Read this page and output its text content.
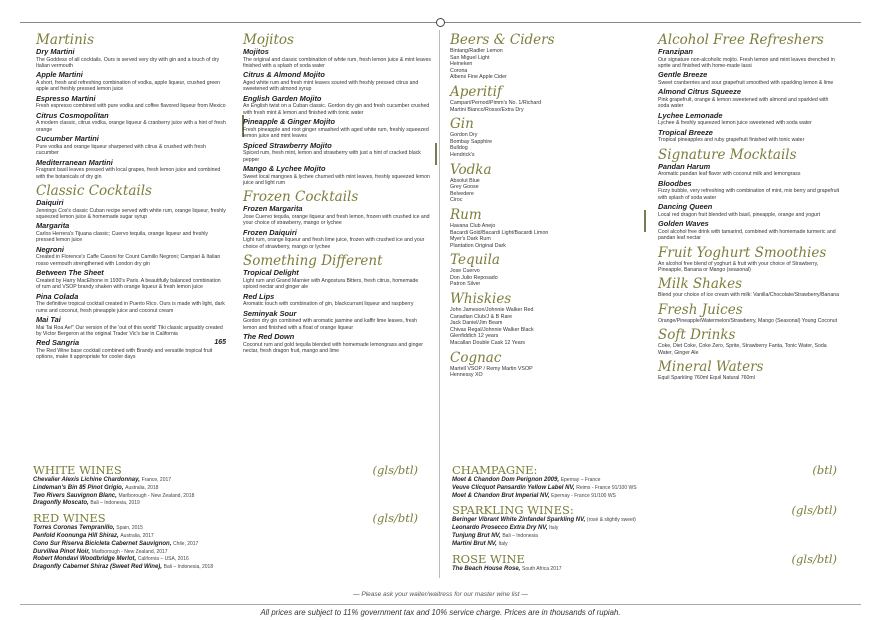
Martinis
Dry Martini
The Goddess of all cocktails. Ours is served very dry with gin and a touch of dry Italian vermouth
Apple Martini
A short, fresh and refreshing combination of vodka, apple liqueur, crushed green apple and freshly pressed lemon juice
Espresso Martini
Fresh espresso combined with pure vodka and coffee flavored liqueur from Mexico
Citrus Cosmopolitan
A modern classic, citrus vodka, orange liqueur & cranberry juice with a hint of fresh orange
Cucumber Martini
Pure vodka and orange liqueur sharpened with citrus & crushed with fresh cucumber
Mediterranean Martini
Fragrant basil leaves pressed with local grapes, fresh lemon juice and combined with the botanicals of dry gin
Classic Cocktails
Daiquiri
Jennings Cox's classic Cuban recipe served with white rum, orange liqueur, freshly squeezed lemon juice & homemade sugar syrup
Margarita
Carlos Herrera's Tijuana classic; Cuervo tequila, orange liqueur and freshly pressed lemon juice
Negroni
Created in Florence's Caffe Casoni for Count Camillo Negroni; Campari & Italian rosso vermouth strengthened with London dry gin
Between The Sheet
Created by Harry MacElhone in 1930's Paris. A beautifully balanced combination of rum and VSOP brandy shaken with orange liqueur & fresh lemon juice
Pina Colada
The definitive tropical cocktail created in Puerto Rico. Ours is made with light, dark rums and coconut, fresh pineapple juice and coconut cream
Mai Tai
Mai Tai Roa Ae!" Our version of the 'out of this world' Tiki classic arguably created by Victor Bergeron at the original Trader Vic's bar in California
Red Sangria	165
The Red Wine base cocktail combined with Brandy and versatile tropical fruit options, make it appropriate for cooler days
Mojitos
Mojitos
The original and classic combination of white rum, fresh lemon juice & mint leaves finished with a splash of soda water
Citrus & Almond Mojito
Aged white rum and fresh mint leaves soured with freshly pressed citrus and sweetened with almond syrup
English Garden Mojito
An English twist on a Cuban classic. Gordon dry gin and fresh cucumber crushed with fresh mint & lemon and finished with tonic water
Pineapple & Ginger Mojito
Fresh pineapple and root ginger smashed with aged white rum, freshly squeezed lemon juice and mint leaves
Spiced Strawberry Mojito
Spiced rum, fresh mint, lemon and strawberry with just a hint of cracked black pepper
Mango & Lychee Mojito
Sweet local mangoes & lychee churned with mint leaves, freshly squeezed lemon juice and light rum
Frozen Cocktails
Frozen Margarita
Jose Cuervo tequila, orange liqueur and fresh lemon, frozen with crushed ice and your choice of strawberry, mango or lychee
Frozen Daiquiri
Light rum, orange liqueur and fresh lime juice, frozen with crushed ice and your choice of strawberry, mango or lychee
Something Different
Tropical Delight
Light rum and Grand Marnier with Angostura Bitters, fresh citrus, homemade spiced nectar and ginger ale
Red Lips
Aromatic touch with combination of gin, blackcurrant liqueur and raspberry
Seminyak Sour
Gordon dry gin combined with aromatic jasmine and kaffir lime leaves, fresh lemon and finished with a float of orange liqueur
The Red Down
Coconut rum and gold tequila blended with homemade lemongrass and ginger nectar, fresh dragon fruit, mango and lime
Beers & Ciders
Bintang/Radler Lemon
San Miguel Light
Heineken
Corona
Albens Fine Apple Cider
Aperitif
Campari/Pernod/Pimm's No. 1/Richard
Martini Bianco/Rosso/Extra Dry
Gin
Gordon Dry
Bombay Sapphire
Bulldog
Hendrick's
Vodka
Absolut Blue
Grey Goose
Belvedere
Ciroc
Rum
Havana Club Anejo
Bacardi Gold/Bacardi Light/Bacardi Limon
Myer's Dark Rum
Plantation Original Dark
Tequila
Jose Cuervo
Don Julio Reposado
Patron Silver
Whiskies
John Jameson/Johnnie Walker Red
Canadian Club/J & B Rare
Jack Daniel/Jim Beam
Chivas Regal/Johnnie Walker Black
Glenfiddich 12 years
Macallan Double Cask 12 Years
Cognac
Martell VSOP / Remy Martin VSOP
Hennessy XO
Alcohol Free Refreshers
Franzipan
Our signature non-alcoholic mojito. Fresh lemon and mint leaves drenched in sprite and finished with home-made lassi
Gentle Breeze
Sweet cranberries and sour grapefruit smoothed with sparkling lemon & lime
Almond Citrus Squeeze
Pink grapefruit, orange & lemon sweetened with almond and sparkled with soda water
Lychee Lemonade
Lychee & freshly squeezed lemon juice sweetened with soda water
Tropical Breeze
Tropical pineapples and ruby grapefruit finished with tonic water
Signature Mocktails
Pandan Harum
Aromatic pandan leaf flavor with coconut milk and lemongrass
Bloodbes
Fizzy bubble, very refreshing with combination of mint, mix berry and grapefruit with splash of soda water
Dancing Queen
Local red dragon fruit blended with basil, pineapple, orange and yogurt
Golden Waves
Cool alcohol free drink with tamarind, combined with homemade turmeric and pandan leaf nectar
Fruit Yoghurt Smoothies
An alcohol free blend of yoghurt & fruit with your choice of Strawberry, Pineapple, Banana or Mango (seasonal)
Milk Shakes
Blend your choice of ice cream with milk: Vanilla/Chocolate/Strawberry/Banana
Fresh Juices
Orange/Pineapple/Watermelon/Strawberry, Mango (Seasonal) Young Coconut
Soft Drinks
Coke, Diet Coke, Coke Zero, Sprite, Strawberry Fanta, Tonic Water, Soda Water, Ginger Ale
Mineral Waters
Equil Sparkling 760ml Equil Natural 760ml
WHITE WINES	(gls/btl)
Chevalier Alexis Lichine Chardonnay, France, 2017
Lindeman's Bin 85 Pinot Grigio, Australia, 2018
Two Rivers Sauvignon Blanc, Marlborough - New Zealand, 2018
Dragonfly Moscato, Bali – Indonesia, 2019
RED WINES	(gls/btl)
Torres Coronas Tempranillo, Spain, 2015
Penfold Koonunga Hill Shiraz, Australia, 2017
Cono Sur Riserva Bicicleta Cabernet Sauvignon, Chile, 2017
Durvillea Pinot Noir, Marlborough - New Zealand, 2017
Robert Mondavi Woodbridge Merlot, California – USA, 2016
Dragonfly Cabernet Shiraz (Sweet Red Wine), Bali – Indonesia, 2018
CHAMPAGNE:	(btl)
Moet & Chandon Dom Perignon 2009, Epernay – France
Veuve Clicquot Pansardin Yellow Label NV, Reims - France 91/100 WS
Moet & Chandon Brut Imperial NV, Epernay - France 91/100 WS
SPARKLING WINES:	(gls/btl)
Beringer Vibrant White Zinfandel Sparkling NV, (rosé & slightly sweet)
Leonardo Prosecco Extra Dry NV, Italy
Tunjung Brut NV, Bali – Indonesia
Martini Brut NV, Italy
ROSE WINE	(gls/btl)
The Beach House Rose, South Africa 2017
— Please ask your waiter/waitress for our master wine list —
All prices are subject to 11% government tax and 10% service charge. Prices are in thousands of rupiah.
